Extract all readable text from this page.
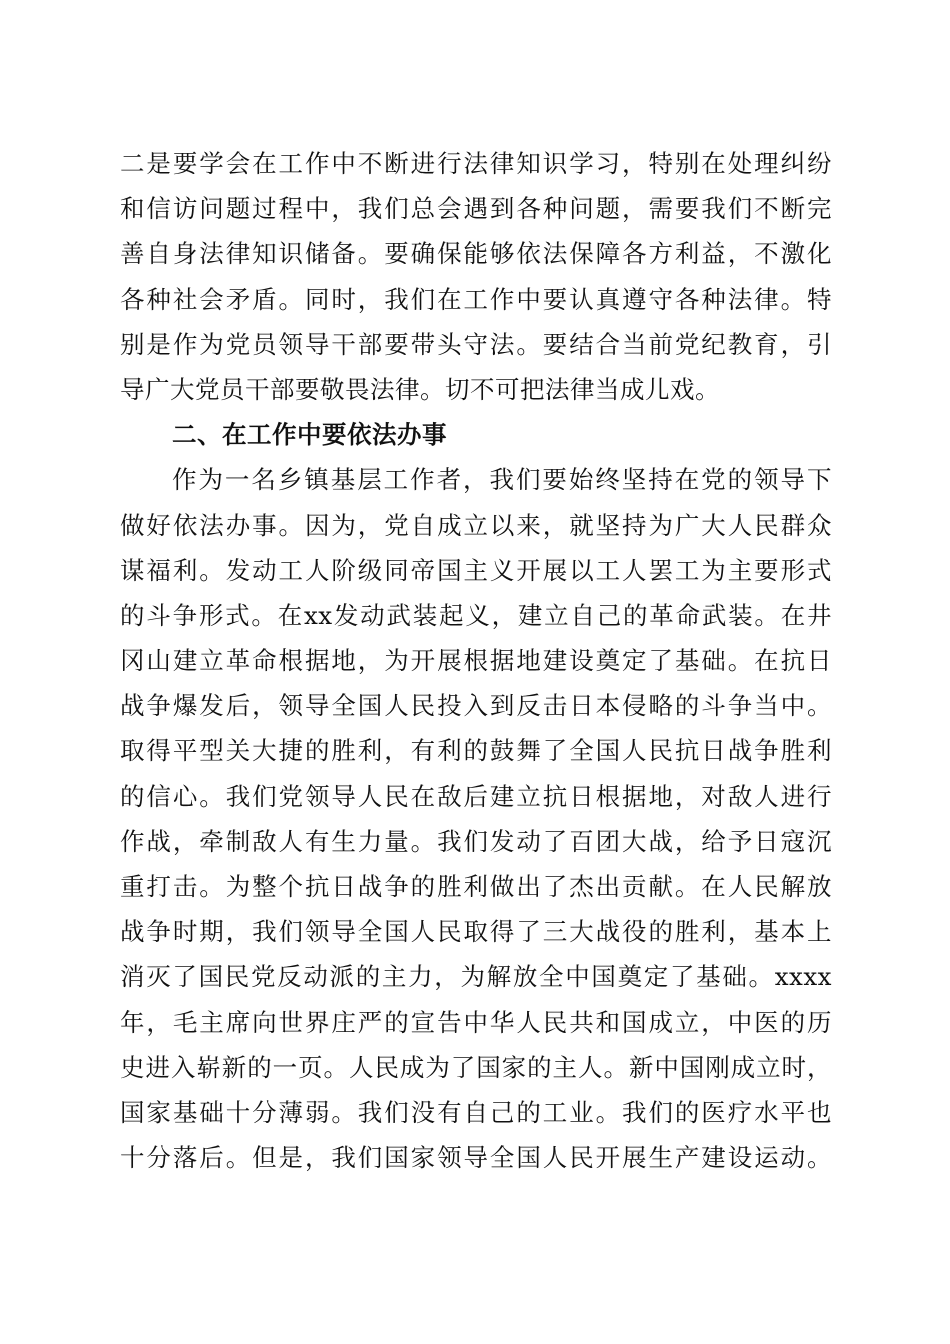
二是要学会在工作中不断进行法律知识学习，特别在处理纠纷
和信访问题过程中，我们总会遇到各种问题，需要我们不断完
善自身法律知识储备。要确保能够依法保障各方利益，不激化
各种社会矛盾。同时，我们在工作中要认真遵守各种法律。特
别是作为党员领导干部要带头守法。要结合当前党纪教育，引
导广大党员干部要敬畏法律。切不可把法律当成儿戏。
二、在工作中要依法办事
作为一名乡镇基层工作者，我们要始终坚持在党的领导下
做好依法办事。因为，党自成立以来，就坚持为广大人民群众
谋福利。发动工人阶级同帝国主义开展以工人罢工为主要形式
的斗争形式。在xx发动武装起义，建立自己的革命武装。在井
冈山建立革命根据地，为开展根据地建设奠定了基础。在抗日
战争爆发后，领导全国人民投入到反击日本侵略的斗争当中。
取得平型关大捷的胜利，有利的鼓舞了全国人民抗日战争胜利
的信心。我们党领导人民在敌后建立抗日根据地，对敌人进行
作战，牵制敌人有生力量。我们发动了百团大战，给予日寇沉
重打击。为整个抗日战争的胜利做出了杰出贡献。在人民解放
战争时期，我们领导全国人民取得了三大战役的胜利，基本上
消灭了国民党反动派的主力，为解放全中国奠定了基础。xxxx
年，毛主席向世界庄严的宣告中华人民共和国成立，中医的历
史进入崭新的一页。人民成为了国家的主人。新中国刚成立时，
国家基础十分薄弱。我们没有自己的工业。我们的医疗水平也
十分落后。但是，我们国家领导全国人民开展生产建设运动。
